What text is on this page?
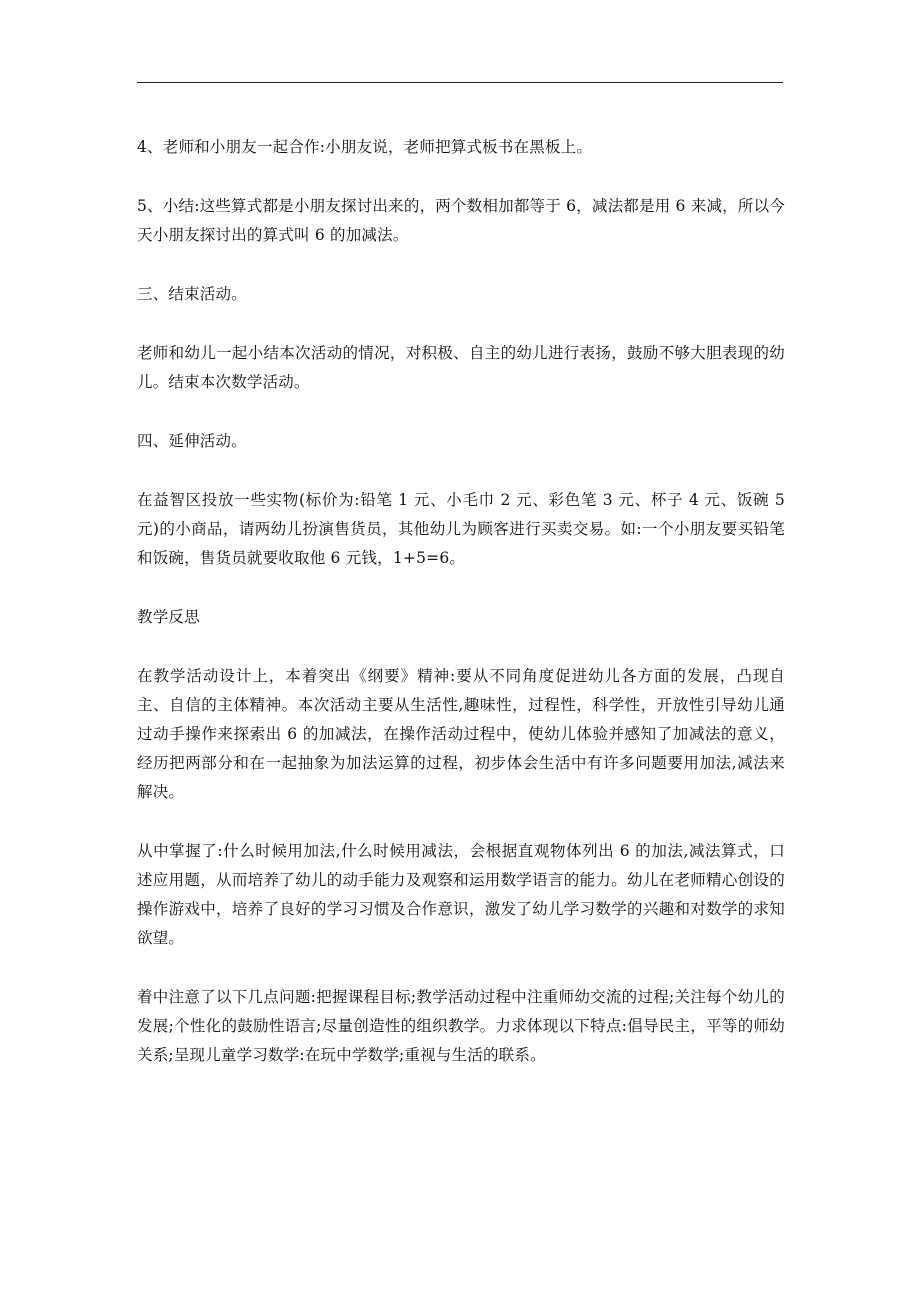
4、老师和小朋友一起合作:小朋友说，老师把算式板书在黑板上。

5、小结:这些算式都是小朋友探讨出来的，两个数相加都等于 6，减法都是用 6 来减，所以今天小朋友探讨出的算式叫 6 的加减法。

三、结束活动。

老师和幼儿一起小结本次活动的情况，对积极、自主的幼儿进行表扬，鼓励不够大胆表现的幼儿。结束本次数学活动。

四、延伸活动。

在益智区投放一些实物(标价为:铅笔 1 元、小毛巾 2 元、彩色笔 3 元、杯子 4 元、饭碗 5 元)的小商品，请两幼儿扮演售货员，其他幼儿为顾客进行买卖交易。如:一个小朋友要买铅笔和饭碗，售货员就要收取他 6 元钱，1+5=6。

教学反思

在教学活动设计上，本着突出《纲要》精神:要从不同角度促进幼儿各方面的发展，凸现自主、自信的主体精神。本次活动主要从生活性,趣味性，过程性，科学性，开放性引导幼儿通过动手操作来探索出 6 的加减法，在操作活动过程中，使幼儿体验并感知了加减法的意义，经历把两部分和在一起抽象为加法运算的过程，初步体会生活中有许多问题要用加法,减法来解决。

从中掌握了:什么时候用加法,什么时候用减法，会根据直观物体列出 6 的加法,减法算式，口述应用题，从而培养了幼儿的动手能力及观察和运用数学语言的能力。幼儿在老师精心创设的操作游戏中，培养了良好的学习习惯及合作意识，激发了幼儿学习数学的兴趣和对数学的求知欲望。

着中注意了以下几点问题:把握课程目标;教学活动过程中注重师幼交流的过程;关注每个幼儿的发展;个性化的鼓励性语言;尽量创造性的组织教学。力求体现以下特点:倡导民主，平等的师幼关系;呈现儿童学习数学:在玩中学数学;重视与生活的联系。
